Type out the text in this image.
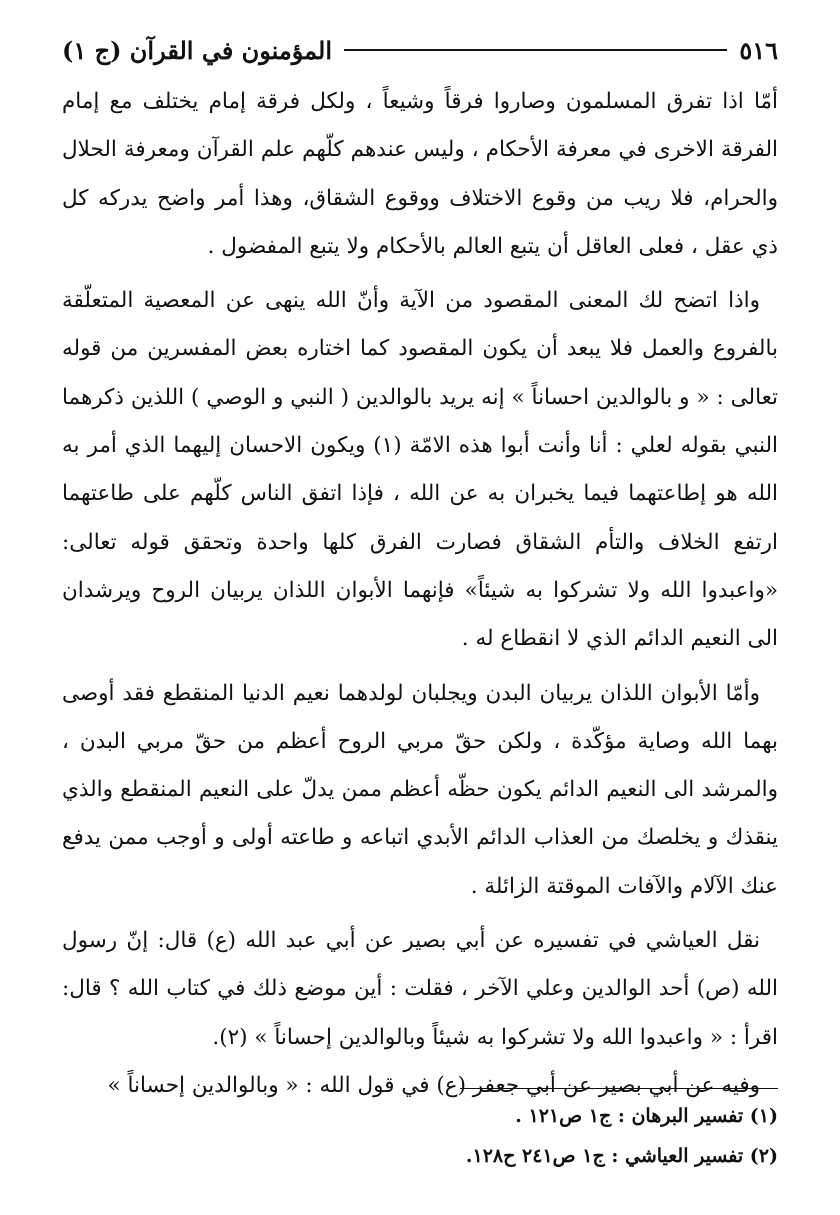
٥١٦
المؤمنون في القرآن (ج ١)

أمّا اذا تفرق المسلمون وصاروا فرقاً وشيعاً ، ولكل فرقة إمام يختلف مع إمام الفرقة الاخرى في معرفة الأحكام ، وليس عندهم كلّهم علم القرآن ومعرفة الحلال والحرام، فلا ريب من وقوع الاختلاف ووقوع الشقاق، وهذا أمر واضح يدركه كل ذي عقل ، فعلى العاقل أن يتبع العالم بالأحكام ولا يتبع المفضول .

واذا اتضح لك المعنى المقصود من الآية وأنّ الله ينهى عن المعصية المتعلّقة بالفروع والعمل فلا يبعد أن يكون المقصود كما اختاره بعض المفسرين من قوله تعالى : « و بالوالدين احساناً » إنه يريد بالوالدين ( النبي و الوصي ) اللذين ذكرهما النبي بقوله لعلي : أنا وأنت أبوا هذه الامّة (١) ويكون الاحسان إليهما الذي أمر به الله هو إطاعتهما فيما يخبران به عن الله ، فإذا اتفق الناس كلّهم على طاعتهما ارتفع الخلاف والتأم الشقاق فصارت الفرق كلها واحدة وتحقق قوله تعالى: «واعبدوا الله ولا تشركوا به شيئاً» فإنهما الأبوان اللذان يربيان الروح ويرشدان الى النعيم الدائم الذي لا انقطاع له .

وأمّا الأبوان اللذان يربيان البدن ويجلبان لولدهما نعيم الدنيا المنقطع فقد أوصى بهما الله وصاية مؤكّدة ، ولكن حقّ مربي الروح أعظم من حقّ مربي البدن ، والمرشد الى النعيم الدائم يكون حظّه أعظم ممن يدلّ على النعيم المنقطع والذي ينقذك و يخلصك من العذاب الدائم الأبدي اتباعه و طاعته أولى و أوجب ممن يدفع عنك الآلام والآفات الموقتة الزائلة .

نقل العياشي في تفسيره عن أبي بصير عن أبي عبد الله (ع) قال: إنّ رسول الله (ص) أحد الوالدين وعلي الآخر ، فقلت : أين موضع ذلك في كتاب الله ؟ قال: اقرأ : « واعبدوا الله ولا تشركوا به شيئاً وبالوالدين إحساناً » (٢).

وفيه عن أبي بصير عن أبي جعفر (ع) في قول الله : « وبالوالدين إحساناً »

(١) تفسير البرهان : ج١ ص١٢١ .

(٢) تفسير العياشي : ج١ ص٢٤١ ح١٢٨.
